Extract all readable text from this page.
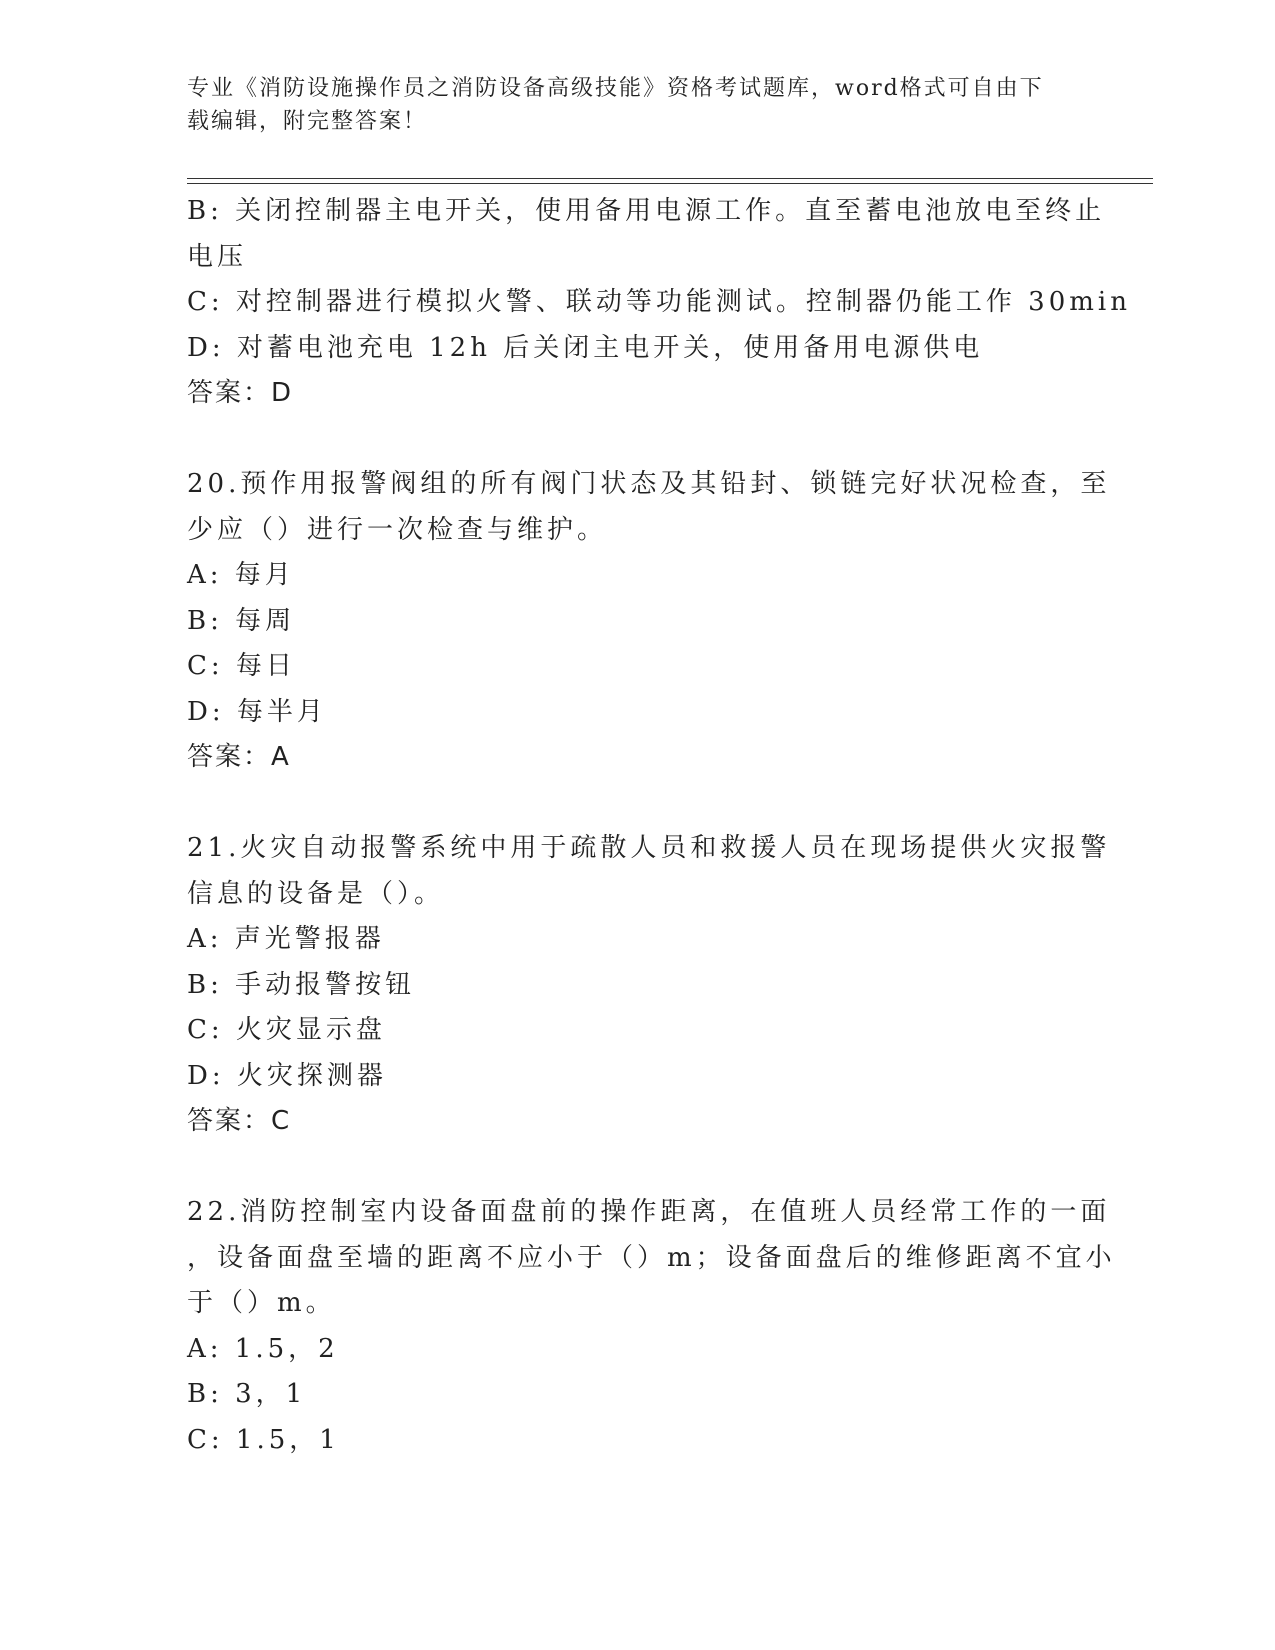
专业《消防设施操作员之消防设备高级技能》资格考试题库，word格式可自由下
载编辑，附完整答案！
B: 关闭控制器主电开关，使用备用电源工作。直至蓄电池放电至终止
电压
C: 对控制器进行模拟火警、联动等功能测试。控制器仍能工作 30min
D: 对蓄电池充电 12h 后关闭主电开关，使用备用电源供电
答案：D
20.预作用报警阀组的所有阀门状态及其铅封、锁链完好状况检查，至
少应（）进行一次检查与维护。
A: 每月
B: 每周
C: 每日
D: 每半月
答案：A
21.火灾自动报警系统中用于疏散人员和救援人员在现场提供火灾报警
信息的设备是（）。
A: 声光警报器
B: 手动报警按钮
C: 火灾显示盘
D: 火灾探测器
答案：C
22.消防控制室内设备面盘前的操作距离，在值班人员经常工作的一面
，设备面盘至墙的距离不应小于（）m；设备面盘后的维修距离不宜小
于（）m。
A: 1.5，2
B: 3，1
C: 1.5，1
